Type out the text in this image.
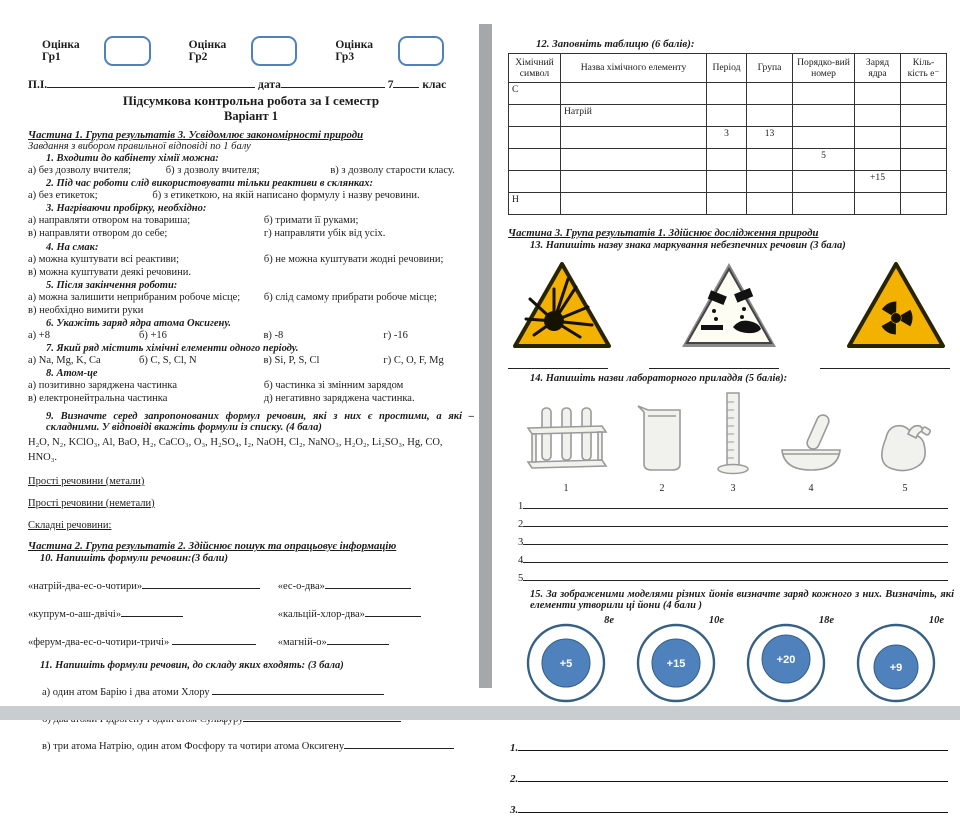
Оцінка Гр1
Оцінка Гр2
Оцінка Гр3
П.І.	дата	7	клас
Підсумкова контрольна робота за І семестр
Варіант 1
Частина 1. Група результатів 3. Усвідомлює закономірності природи
Завдання з вибором правильної відповіді по 1 балу
1. Входити до кабінету хімії можна:
а) без дозволу вчителя;	б) з дозволу вчителя;	в) з дозволу старости класу.
2. Під час роботи слід використовувати тільки реактиви в склянках:
а) без етикеток;	б) з етикеткою, на якій написано формулу і назву речовини.
3. Нагріваючи пробірку, необхідно:
а) направляти отвором на товариша;	б) тримати її руками;
в) направляти отвором до себе;	г) направляти убік від усіх.
4. На смак:
а) можна куштувати всі реактиви;	б) не можна куштувати жодні речовини;
в) можна куштувати деякі речовини.
5. Після закінчення роботи:
а) можна залишити неприбраним робоче місце;	б) слід самому прибрати робоче місце;
в) необхідно вимити руки
6. Укажіть заряд ядра атома Оксигену.
а) +8	б) +16	в) -8	г) -16
7. Який ряд містить хімічні елементи одного періоду.
а) Na, Mg, K, Ca	б) C, S, Cl, N	в) Si, P, S, Cl	г) C, O, F, Mg
8. Атом-це
а) позитивно заряджена частинка	б) частинка зі змінним зарядом
в) електронейтральна частинка	д) негативно заряджена частинка.
9. Визначте серед запропонованих формул речовин, які з них є простими, а які – складними. У відповіді вкажіть формули із списку. (4 бала)
H₂O, N₂, KClO₃, Al, BaO, H₂, CaCO₃, O₃, H₂SO₄, I₂, NaOH, Cl₂, NaNO₃, H₂O₂, Li₂SO₃, Hg, CO, HNO₃.
Прості речовини (метали)
Прості речовини (неметали)
Складні речовини:
Частина 2. Група результатів 2. Здійснює пошук та опрацьовує інформацію
10. Напишіть формули речовин:(3 бали)
«натрій-два-ес-о-чотири»	«ес-о-два»
«купрум-о-аш-двічі»	«кальцій-хлор-два»
«ферум-два-ес-о-чотири-тричі»	«магній-о»
11. Напишіть формули речовин, до складу яких входять: (3 бала)
а) один атом Барію і два атоми Хлору
в) три атома Натрію, один атом Фосфору та чотири атома Оксигену
12. Заповніть таблицю (6 балів):
Хімічний символ	Назва хімічного елементу	Період	Група	Порядко-вий номер	Заряд ядра	Кіль-кість е⁻
C						
	Натрій					
		3	13			
				5		
					+15	
H						
Частина 3. Група результатів 1. Здійснює дослідження природи
13. Напишіть назву знака маркування небезпечних речовин (3 бала)
14. Напишіть назви лабораторного приладдя (5 балів):
1	2	3	4	5
1
2
3
4
5
15. За зображеними моделями різних йонів визначте заряд кожного з них. Визначіть, які елементи утворили ці йони (4 бали )
8е
+5
10е
+15
18е
+20
10е
+9
1.
2.
3.
